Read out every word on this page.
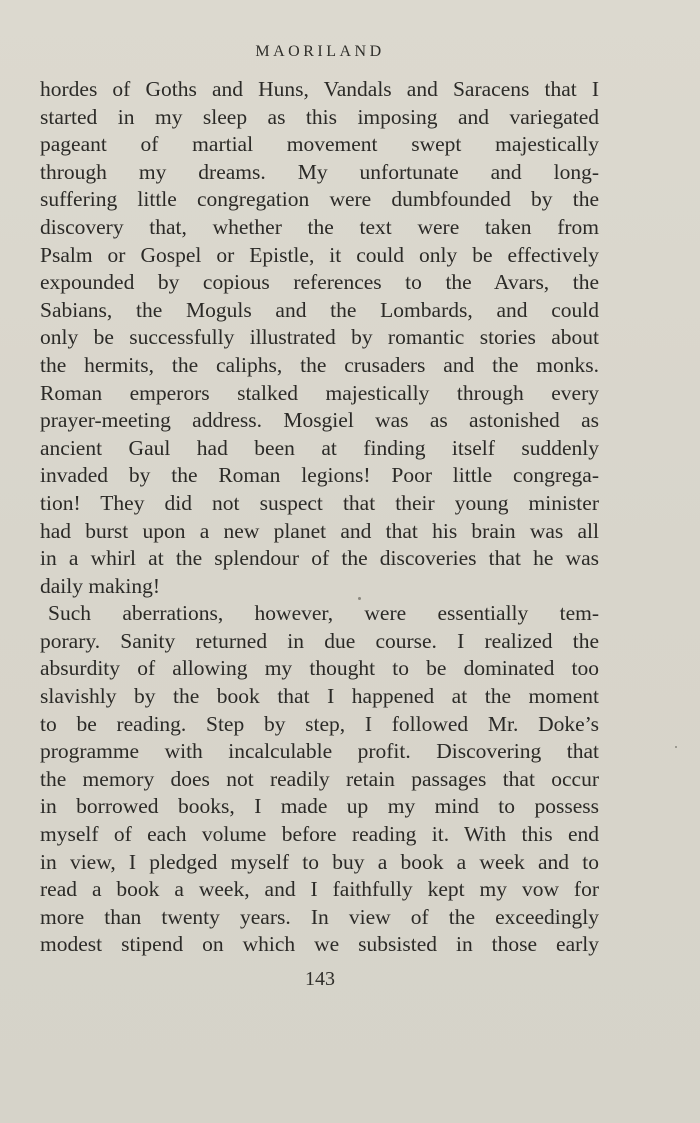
MAORILAND
hordes of Goths and Huns, Vandals and Saracens that I
started in my sleep as this imposing and variegated
pageant of martial movement swept majestically
through my dreams. My unfortunate and long-
suffering little congregation were dumbfounded by the
discovery that, whether the text were taken from
Psalm or Gospel or Epistle, it could only be effectively
expounded by copious references to the Avars, the
Sabians, the Moguls and the Lombards, and could
only be successfully illustrated by romantic stories about
the hermits, the caliphs, the crusaders and the monks.
Roman emperors stalked majestically through every
prayer-meeting address. Mosgiel was as astonished as
ancient Gaul had been at finding itself suddenly
invaded by the Roman legions! Poor little congrega-
tion! They did not suspect that their young minister
had burst upon a new planet and that his brain was all
in a whirl at the splendour of the discoveries that he was
daily making!
Such aberrations, however, were essentially tem-
porary. Sanity returned in due course. I realized the
absurdity of allowing my thought to be dominated too
slavishly by the book that I happened at the moment
to be reading. Step by step, I followed Mr. Doke’s
programme with incalculable profit. Discovering that
the memory does not readily retain passages that occur
in borrowed books, I made up my mind to possess
myself of each volume before reading it. With this end
in view, I pledged myself to buy a book a week and to
read a book a week, and I faithfully kept my vow for
more than twenty years. In view of the exceedingly
modest stipend on which we subsisted in those early
143
